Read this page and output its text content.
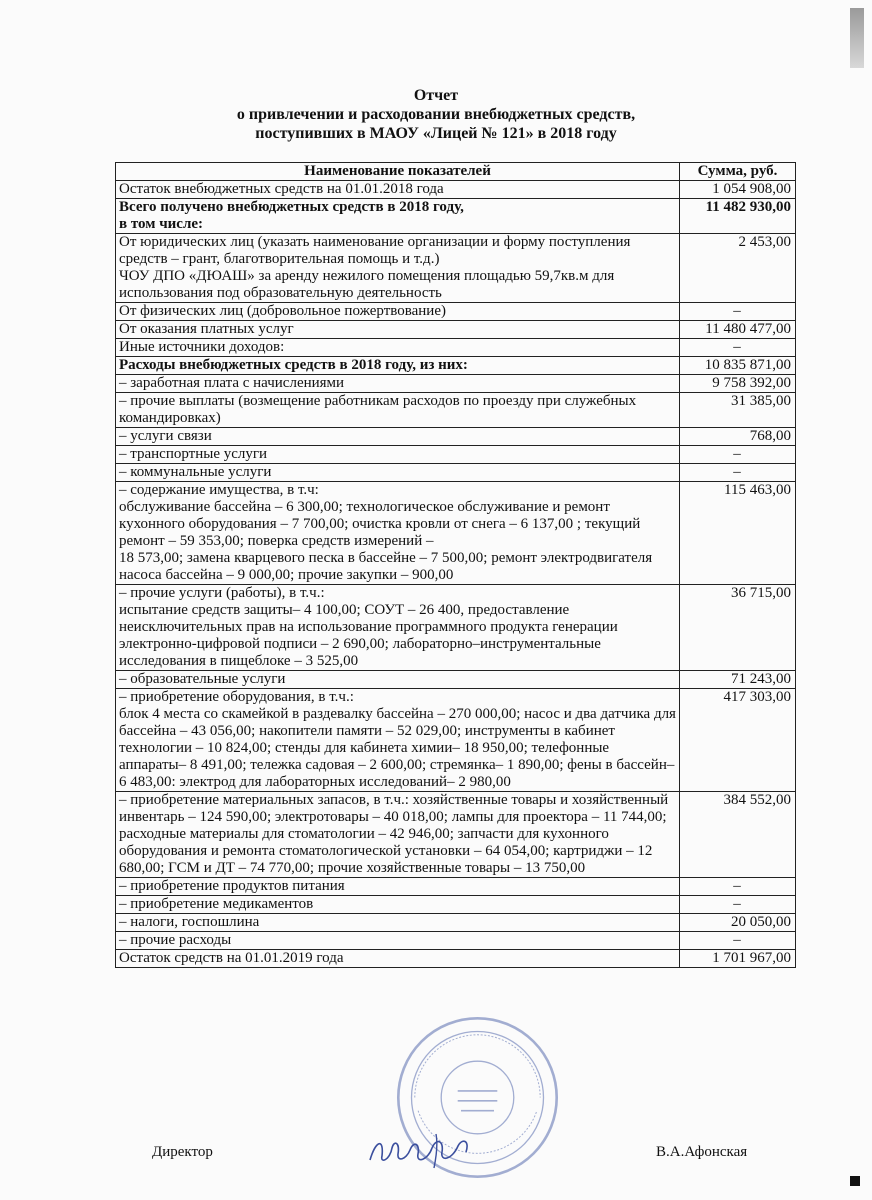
Отчет
о привлечении и расходовании внебюджетных средств,
поступивших в МАОУ «Лицей № 121» в 2018 году
Наименование показателей	Сумма, руб.
Остаток внебюджетных средств на 01.01.2018 года	1 054 908,00
Всего получено внебюджетных средств в 2018 году,
в том числе:	11 482 930,00
От юридических лиц (указать наименование организации и форму поступления средств – грант, благотворительная помощь и т.д.)
ЧОУ ДПО «ДЮАШ» за аренду нежилого помещения площадью 59,7кв.м для использования под образовательную деятельность	2 453,00
От физических лиц (добровольное пожертвование)	–
От оказания платных услуг	11 480 477,00
Иные источники доходов:	–
Расходы внебюджетных средств в 2018 году, из них:	10 835 871,00
– заработная плата с начислениями	9 758 392,00
– прочие выплаты (возмещение работникам расходов по проезду при служебных командировках)	31 385,00
– услуги связи	768,00
– транспортные услуги	–
– коммунальные услуги	–
– содержание имущества, в т.ч:
обслуживание бассейна – 6 300,00; технологическое обслуживание и ремонт кухонного оборудования – 7 700,00; очистка кровли от снега – 6 137,00 ; текущий ремонт – 59 353,00; поверка средств измерений –
18 573,00; замена кварцевого песка в бассейне – 7 500,00; ремонт электродвигателя насоса бассейна – 9 000,00; прочие закупки – 900,00	115 463,00
– прочие услуги (работы), в т.ч.:
испытание средств защиты– 4 100,00; СОУТ – 26 400, предоставление неисключительных прав на использование программного продукта генерации электронно-цифровой подписи – 2 690,00; лабораторно–инструментальные исследования в пищеблоке – 3 525,00	36 715,00
– образовательные услуги	71 243,00
– приобретение оборудования, в т.ч.:
блок 4 места со скамейкой в раздевалку бассейна – 270 000,00; насос и два датчика для бассейна – 43 056,00; накопители памяти – 52 029,00; инструменты в кабинет технологии – 10 824,00; стенды для кабинета химии– 18 950,00; телефонные аппараты– 8 491,00; тележка садовая – 2 600,00; стремянка– 1 890,00; фены в бассейн– 6 483,00: электрод для лабораторных исследований– 2 980,00	417 303,00
– приобретение материальных запасов, в т.ч.: хозяйственные товары и хозяйственный инвентарь – 124 590,00; электротовары – 40 018,00; лампы для проектора – 11 744,00; расходные материалы для стоматологии – 42 946,00; запчасти для кухонного оборудования и ремонта стоматологической установки – 64 054,00; картриджи – 12 680,00; ГСМ и ДТ – 74 770,00; прочие хозяйственные товары – 13 750,00	384 552,00
– приобретение продуктов питания	–
– приобретение медикаментов	–
– налоги, госпошлина	20 050,00
– прочие расходы	–
Остаток средств на 01.01.2019 года	1 701 967,00
Директор	В.А.Афонская
